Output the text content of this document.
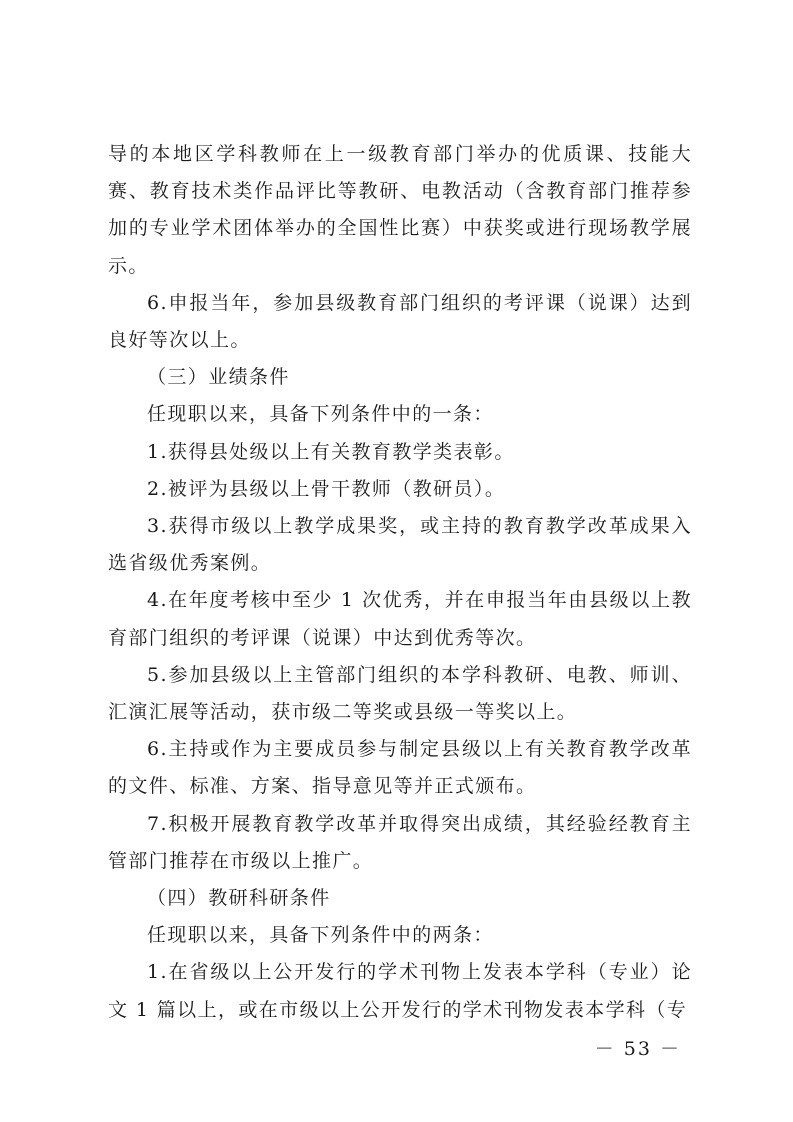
导的本地区学科教师在上一级教育部门举办的优质课、技能大赛、教育技术类作品评比等教研、电教活动（含教育部门推荐参加的专业学术团体举办的全国性比赛）中获奖或进行现场教学展示。

6.申报当年，参加县级教育部门组织的考评课（说课）达到良好等次以上。

（三）业绩条件

任现职以来，具备下列条件中的一条：

1.获得县处级以上有关教育教学类表彰。

2.被评为县级以上骨干教师（教研员）。

3.获得市级以上教学成果奖，或主持的教育教学改革成果入选省级优秀案例。

4.在年度考核中至少 1 次优秀，并在申报当年由县级以上教育部门组织的考评课（说课）中达到优秀等次。

5.参加县级以上主管部门组织的本学科教研、电教、师训、汇演汇展等活动，获市级二等奖或县级一等奖以上。

6.主持或作为主要成员参与制定县级以上有关教育教学改革的文件、标准、方案、指导意见等并正式颁布。

7.积极开展教育教学改革并取得突出成绩，其经验经教育主管部门推荐在市级以上推广。

（四）教研科研条件

任现职以来，具备下列条件中的两条：

1.在省级以上公开发行的学术刊物上发表本学科（专业）论文 1 篇以上，或在市级以上公开发行的学术刊物发表本学科（专

－ 53 －
